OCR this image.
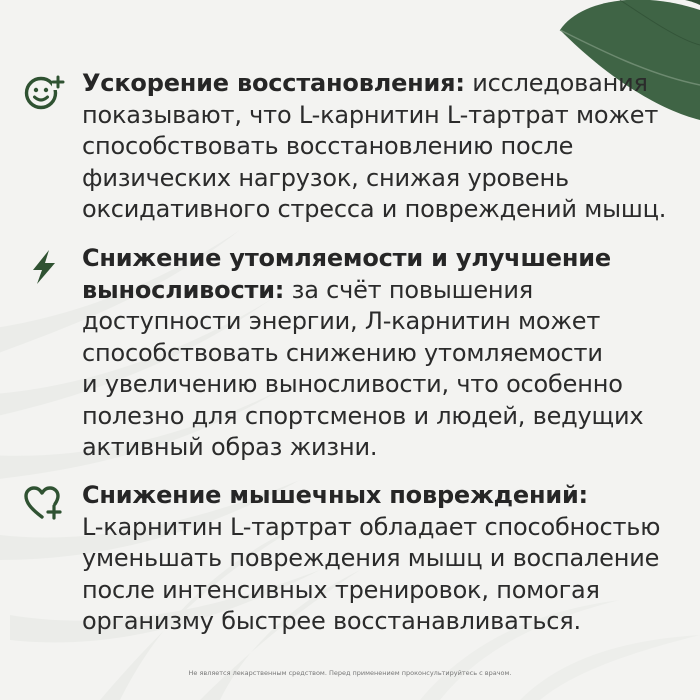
Ускорение восстановления: исследования
показывают, что L-карнитин L-тартрат может
способствовать восстановлению после
физических нагрузок, снижая уровень
оксидативного стресса и повреждений мышц.
Снижение утомляемости и улучшение
выносливости: за счёт повышения
доступности энергии, Л-карнитин может
способствовать снижению утомляемости
и увеличению выносливости, что особенно
полезно для спортсменов и людей, ведущих
активный образ жизни.
Снижение мышечных повреждений:
L-карнитин L-тартрат обладает способностью
уменьшать повреждения мышц и воспаление
после интенсивных тренировок, помогая
организму быстрее восстанавливаться.
Не является лекарственным средством. Перед применением проконсультируйтесь с врачом.
